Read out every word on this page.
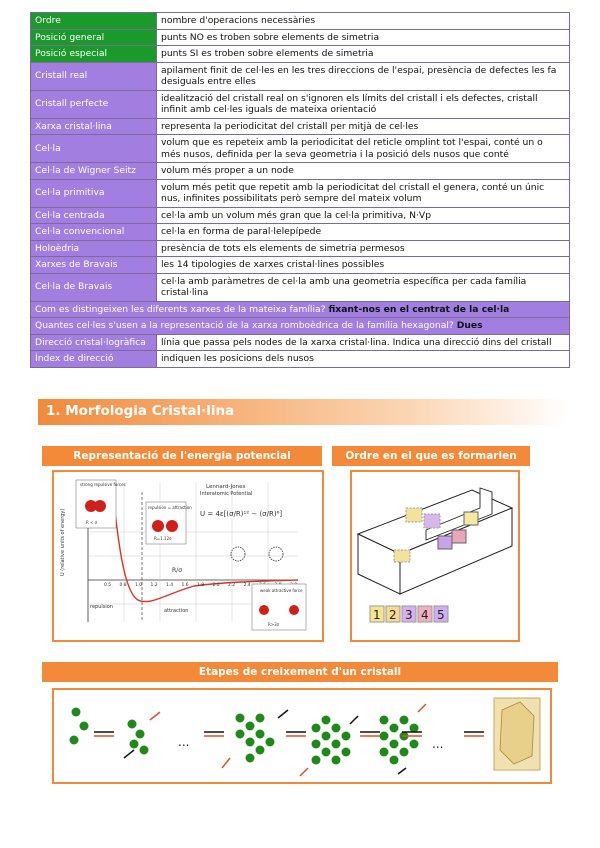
Ordre	nombre d'operacions necessàries
Posició general	punts NO es troben sobre elements de simetria
Posició especial	punts SI es troben sobre elements de simetria
Cristall real	apilament finit de cel·les en les tres direccions de l'espai, presència de defectes les fa desiguals entre elles
Cristall perfecte	idealització del cristall real on s'ignoren els límits del cristall i els defectes, cristall infinit amb cel·les iguals de mateixa orientació
Xarxa cristal·lina	representa la periodicitat del cristall per mitjà de cel·les
Cel·la	volum que es repeteix amb la periodicitat del reticle omplint tot l'espai, conté un o més nusos, definida per la seva geometria i la posició dels nusos que conté
Cel·la de Wigner Seitz	volum més proper a un node
Cel·la primitiva	volum més petit que repetit amb la periodicitat del cristall el genera, conté un únic nus, infinites possibilitats però sempre del mateix volum
Cel·la centrada	cel·la amb un volum més gran que la cel·la primitiva, N·Vp
Cel·la convencional	cel·la en forma de paral·lelepípede
Holoèdria	presència de tots els elements de simetria permesos
Xarxes de Bravais	les 14 tipologies de xarxes cristal·lines possibles
Cel·la de Bravais	cel·la amb paràmetres de cel·la amb una geometria específica per cada família cristal·lina
Com es distingeixen les diferents xarxes de la mateixa família? fixant-nos en el centrat de la cel·la	
Quantes cel·les s'usen a la representació de la xarxa romboèdrica de la família hexagonal? Dues	
Direcció cristal·logràfica	línia que passa pels nodes de la xarxa cristal·lina. Indica una direcció dins del cristall
Índex de direcció	indiquen les posicions dels nusos
1. Morfologia Cristal·lina
Representació de l'energia potencial
U (relative units of energy)	R/σ
0.5 0.8 1.0 1.2 1.4 1.6 1.8 2.0 2.2 2.4
repulsion
attraction
strong repulsive forces
R < σ
repulsion = attraction
R=1.12σ
Lennard-Jones
Interatomic Potential
U = 4ε[(σ/R)¹² − (σ/R)⁶]
weak attractive force
R>3σ
Ordre en el que es formarien
1 2 3 4 5
Etapes de creixement d'un cristall
...	...
